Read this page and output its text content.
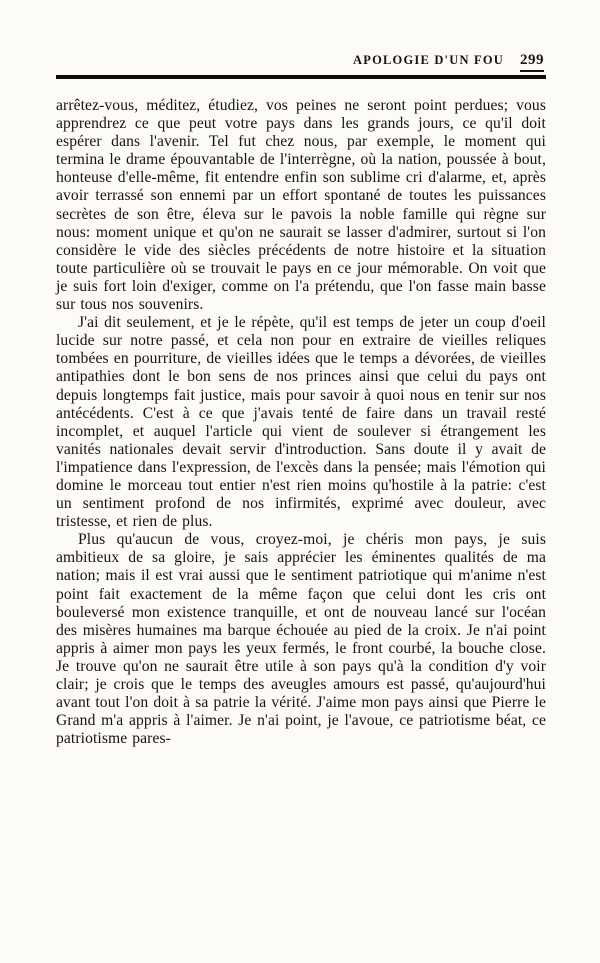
APOLOGIE D'UN FOU 299

arrêtez-vous, méditez, étudiez, vos peines ne seront point perdues; vous apprendrez ce que peut votre pays dans les grands jours, ce qu'il doit espérer dans l'avenir. Tel fut chez nous, par exemple, le moment qui termina le drame épouvantable de l'interrègne, où la nation, poussée à bout, honteuse d'elle-même, fit entendre enfin son sublime cri d'alarme, et, après avoir terrassé son ennemi par un effort spontané de toutes les puissances secrètes de son être, éleva sur le pavois la noble famille qui règne sur nous: moment unique et qu'on ne saurait se lasser d'admirer, surtout si l'on considère le vide des siècles précédents de notre histoire et la situation toute particulière où se trouvait le pays en ce jour mémorable. On voit que je suis fort loin d'exiger, comme on l'a prétendu, que l'on fasse main basse sur tous nos souvenirs.

J'ai dit seulement, et je le répète, qu'il est temps de jeter un coup d'oeil lucide sur notre passé, et cela non pour en extraire de vieilles reliques tombées en pourriture, de vieilles idées que le temps a dévorées, de vieilles antipathies dont le bon sens de nos princes ainsi que celui du pays ont depuis longtemps fait justice, mais pour savoir à quoi nous en tenir sur nos antécédents. C'est à ce que j'avais tenté de faire dans un travail resté incomplet, et auquel l'article qui vient de soulever si étrangement les vanités nationales devait servir d'introduction. Sans doute il y avait de l'impatience dans l'expression, de l'excès dans la pensée; mais l'émotion qui domine le morceau tout entier n'est rien moins qu'hostile à la patrie: c'est un sentiment profond de nos infirmités, exprimé avec douleur, avec tristesse, et rien de plus.

Plus qu'aucun de vous, croyez-moi, je chéris mon pays, je suis ambitieux de sa gloire, je sais apprécier les éminentes qualités de ma nation; mais il est vrai aussi que le sentiment patriotique qui m'anime n'est point fait exactement de la même façon que celui dont les cris ont bouleversé mon existence tranquille, et ont de nouveau lancé sur l'océan des misères humaines ma barque échouée au pied de la croix. Je n'ai point appris à aimer mon pays les yeux fermés, le front courbé, la bouche close. Je trouve qu'on ne saurait être utile à son pays qu'à la condition d'y voir clair; je crois que le temps des aveugles amours est passé, qu'aujourd'hui avant tout l'on doit à sa patrie la vérité. J'aime mon pays ainsi que Pierre le Grand m'a appris à l'aimer. Je n'ai point, je l'avoue, ce patriotisme béat, ce patriotisme pares-
